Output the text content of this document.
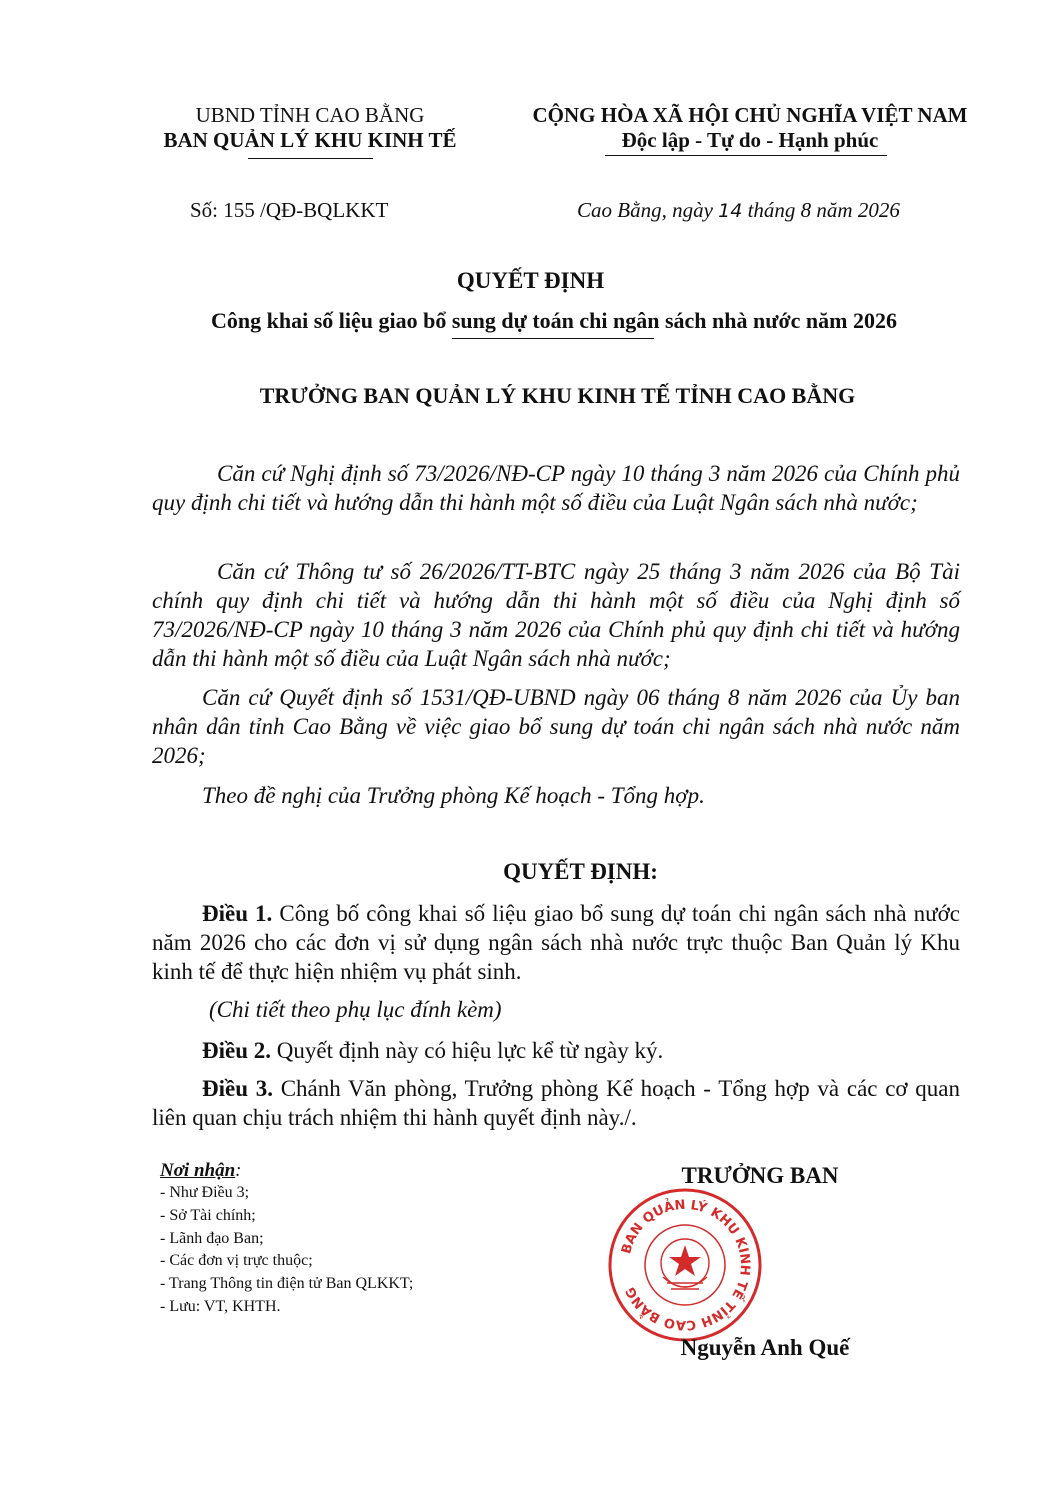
UBND TỈNH CAO BẰNG
BAN QUẢN LÝ KHU KINH TẾ
CỘNG HÒA XÃ HỘI CHỦ NGHĨA VIỆT NAM
Độc lập - Tự do - Hạnh phúc
Số: 155 /QĐ-BQLKKT	Cao Bằng, ngày 14 tháng 8 năm 2026
QUYẾT ĐỊNH
Công khai số liệu giao bổ sung dự toán chi ngân sách nhà nước năm 2026
TRƯỞNG BAN QUẢN LÝ KHU KINH TẾ TỈNH CAO BẰNG
Căn cứ Nghị định số 73/2026/NĐ-CP ngày 10 tháng 3 năm 2026 của Chính phủ quy định chi tiết và hướng dẫn thi hành một số điều của Luật Ngân sách nhà nước;
Căn cứ Thông tư số 26/2026/TT-BTC ngày 25 tháng 3 năm 2026 của Bộ Tài chính quy định chi tiết và hướng dẫn thi hành một số điều của Nghị định số 73/2026/NĐ-CP ngày 10 tháng 3 năm 2026 của Chính phủ quy định chi tiết và hướng dẫn thi hành một số điều của Luật Ngân sách nhà nước;
Căn cứ Quyết định số 1531/QĐ-UBND ngày 06 tháng 8 năm 2026 của Ủy ban nhân dân tỉnh Cao Bằng về việc giao bổ sung dự toán chi ngân sách nhà nước năm 2026;
Theo đề nghị của Trưởng phòng Kế hoạch - Tổng hợp.
QUYẾT ĐỊNH:
Điều 1. Công bố công khai số liệu giao bổ sung dự toán chi ngân sách nhà nước năm 2026 cho các đơn vị sử dụng ngân sách nhà nước trực thuộc Ban Quản lý Khu kinh tế để thực hiện nhiệm vụ phát sinh.
(Chi tiết theo phụ lục đính kèm)
Điều 2. Quyết định này có hiệu lực kể từ ngày ký.
Điều 3. Chánh Văn phòng, Trưởng phòng Kế hoạch - Tổng hợp và các cơ quan liên quan chịu trách nhiệm thi hành quyết định này./.
Nơi nhận:
- Như Điều 3;
- Sở Tài chính;
- Lãnh đạo Ban;
- Các đơn vị trực thuộc;
- Trang Thông tin điện tử Ban QLKKT;
- Lưu: VT, KHTH.
TRƯỞNG BAN
BAN QUẢN LÝ KHU KINH TẾ TỈNH CAO BẰNG
Nguyễn Anh Quế
